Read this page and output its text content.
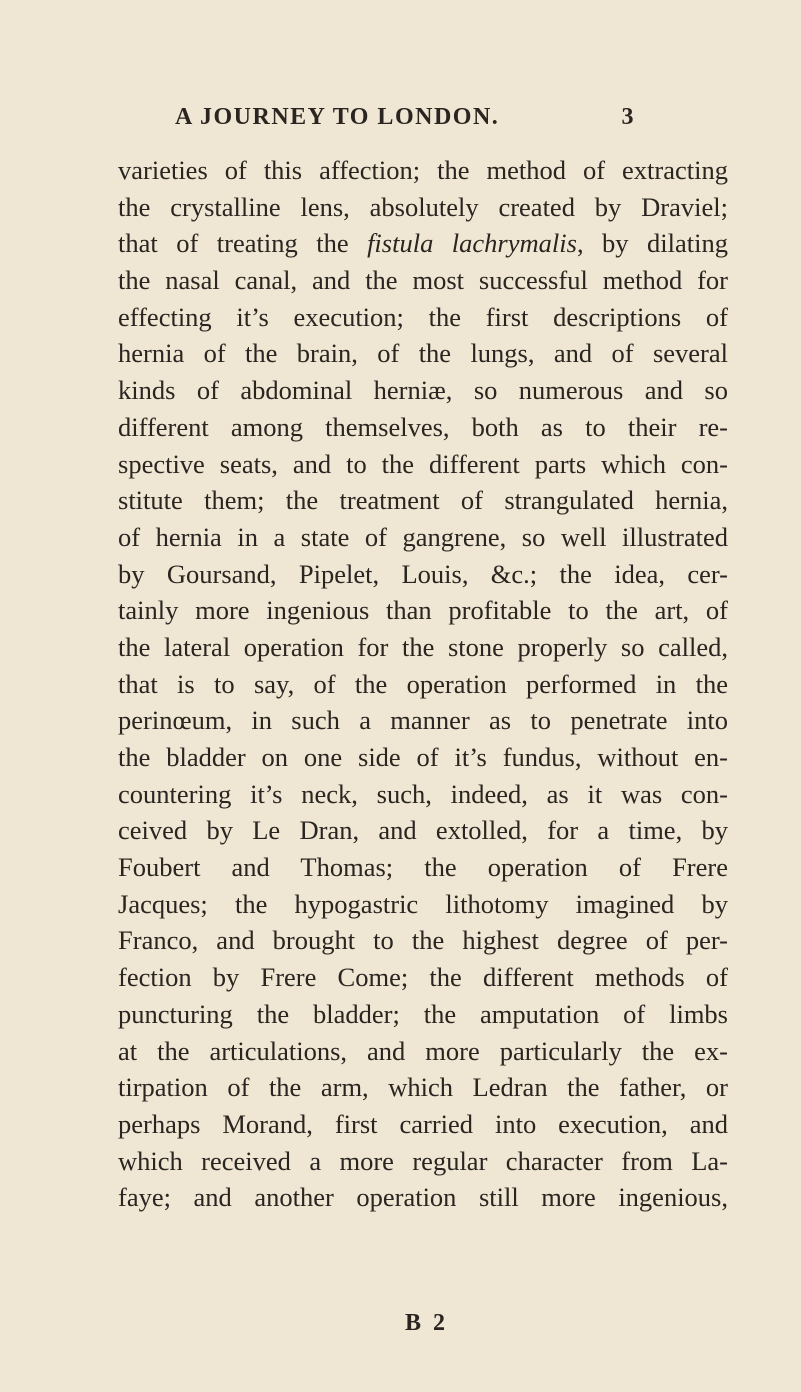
A JOURNEY TO LONDON.	3
varieties of this affection; the method of extracting
the crystalline lens, absolutely created by Draviel;
that of treating the fistula lachrymalis, by dilating
the nasal canal, and the most successful method for
effecting it’s execution; the first descriptions of
hernia of the brain, of the lungs, and of several
kinds of abdominal herniæ, so numerous and so
different among themselves, both as to their re-
spective seats, and to the different parts which con-
stitute them; the treatment of strangulated hernia,
of hernia in a state of gangrene, so well illustrated
by Goursand, Pipelet, Louis, &c.; the idea, cer-
tainly more ingenious than profitable to the art, of
the lateral operation for the stone properly so called,
that is to say, of the operation performed in the
perinœum, in such a manner as to penetrate into
the bladder on one side of it’s fundus, without en-
countering it’s neck, such, indeed, as it was con-
ceived by Le Dran, and extolled, for a time, by
Foubert and Thomas; the operation of Frere
Jacques; the hypogastric lithotomy imagined by
Franco, and brought to the highest degree of per-
fection by Frere Come; the different methods of
puncturing the bladder; the amputation of limbs
at the articulations, and more particularly the ex-
tirpation of the arm, which Ledran the father, or
perhaps Morand, first carried into execution, and
which received a more regular character from La-
faye; and another operation still more ingenious,
B 2
